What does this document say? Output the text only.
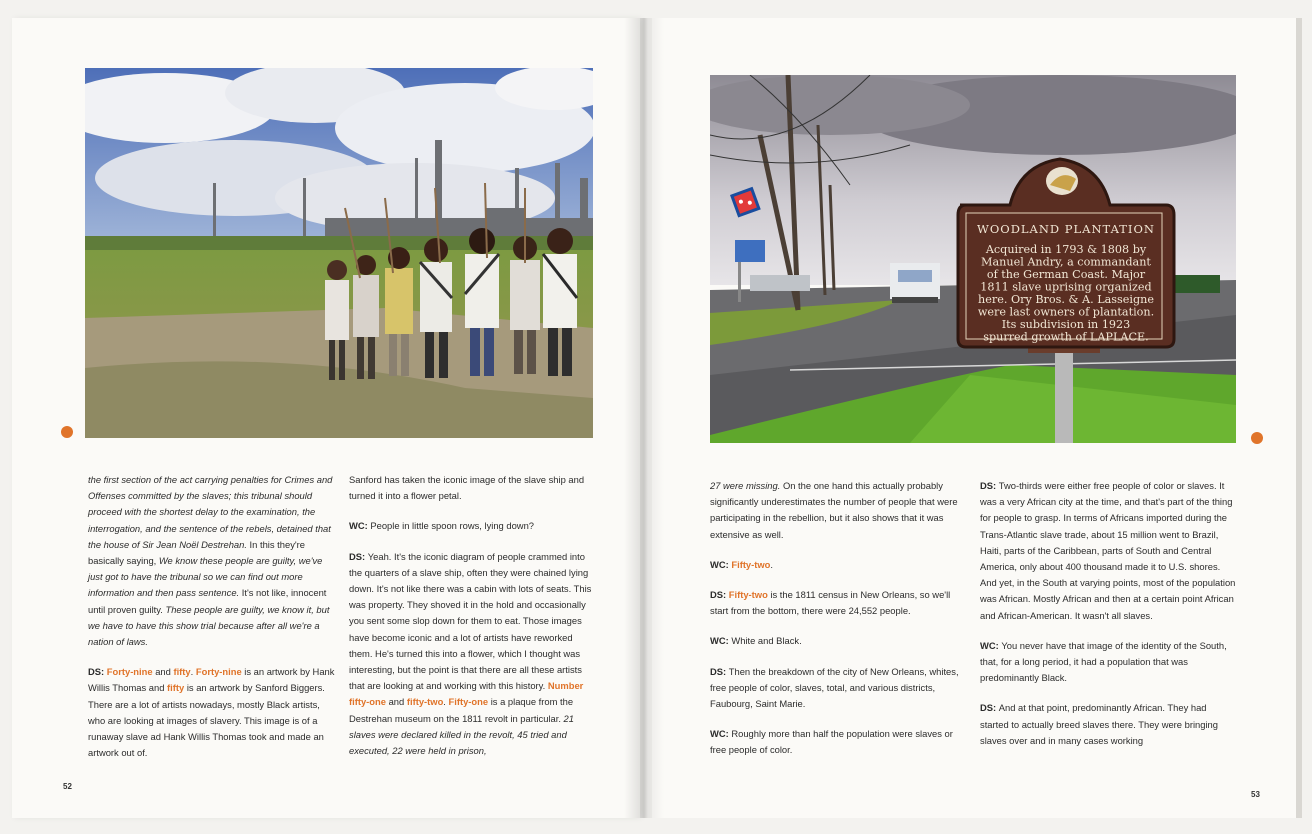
WOODLAND PLANTATION
Acquired in 1793 & 1808 by
Manuel Andry, a commandant
of the German Coast. Major
1811 slave uprising organized
here. Ory Bros. & A. Lasseigne
were last owners of plantation.
Its subdivision in 1923
spurred growth of LAPLACE.

the first section of the act carrying penalties for Crimes and Offenses committed by the slaves; this tribunal should proceed with the shortest delay to the examination, the interrogation, and the sentence of the rebels, detained that the house of Sir Jean Noël Destrehan. In this they're basically saying, We know these people are guilty, we've just got to have the tribunal so we can find out more information and then pass sentence. It's not like, innocent until proven guilty. These people are guilty, we know it, but we have to have this show trial because after all we're a nation of laws.

DS: Forty-nine and fifty. Forty-nine is an artwork by Hank Willis Thomas and fifty is an artwork by Sanford Biggers. There are a lot of artists nowadays, mostly Black artists, who are looking at images of slavery. This image is of a runaway slave ad Hank Willis Thomas took and made an artwork out of.

Sanford has taken the iconic image of the slave ship and turned it into a flower petal.

WC: People in little spoon rows, lying down?

DS: Yeah. It's the iconic diagram of people crammed into the quarters of a slave ship, often they were chained lying down. It's not like there was a cabin with lots of seats. This was property. They shoved it in the hold and occasionally you sent some slop down for them to eat. Those images have become iconic and a lot of artists have reworked them. He's turned this into a flower, which I thought was interesting, but the point is that there are all these artists that are looking at and working with this history. Number fifty-one and fifty-two. Fifty-one is a plaque from the Destrehan museum on the 1811 revolt in particular. 21 slaves were declared killed in the revolt, 45 tried and executed, 22 were held in prison,

27 were missing. On the one hand this actually probably significantly underestimates the number of people that were participating in the rebellion, but it also shows that it was extensive as well.

WC: Fifty-two.

DS: Fifty-two is the 1811 census in New Orleans, so we'll start from the bottom, there were 24,552 people.

WC: White and Black.

DS: Then the breakdown of the city of New Orleans, whites, free people of color, slaves, total, and various districts, Faubourg, Saint Marie.

WC: Roughly more than half the population were slaves or free people of color.

DS: Two-thirds were either free people of color or slaves. It was a very African city at the time, and that's part of the thing for people to grasp. In terms of Africans imported during the Trans-Atlantic slave trade, about 15 million went to Brazil, Haiti, parts of the Caribbean, parts of South and Central America, only about 400 thousand made it to U.S. shores. And yet, in the South at varying points, most of the population was African. Mostly African and then at a certain point African and African-American. It wasn't all slaves.

WC: You never have that image of the identity of the South, that, for a long period, it had a population that was predominantly Black.

DS: And at that point, predominantly African. They had started to actually breed slaves there. They were bringing slaves over and in many cases working

52
53
